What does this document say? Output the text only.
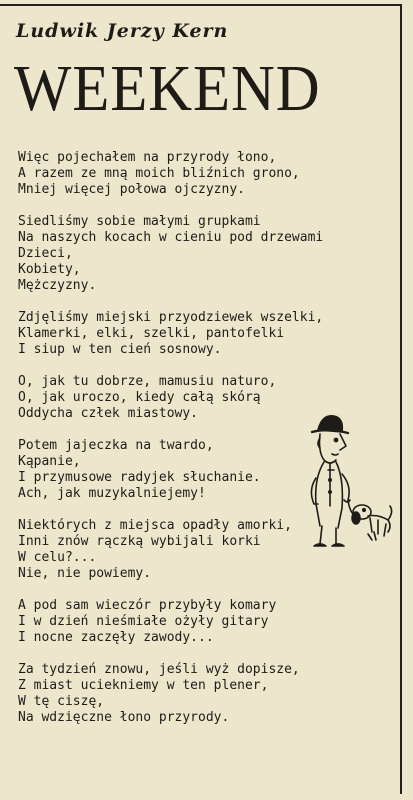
Ludwik Jerzy Kern
WEEKEND
Więc pojechałem na przyrody łono,
A razem ze mną moich bliźnich grono,
Mniej więcej połowa ojczyzny.
Siedliśmy sobie małymi grupkami
Na naszych kocach w cieniu pod drzewami
Dzieci,
Kobiety,
Mężczyzny.
Zdjęliśmy miejski przyodziewek wszelki,
Klamerki, elki, szelki, pantofelki
I siup w ten cień sosnowy.
O, jak tu dobrze, mamusiu naturo,
O, jak uroczo, kiedy całą skórą
Oddycha człek miastowy.
Potem jajeczka na twardo,
Kąpanie,
I przymusowe radyjek słuchanie.
Ach, jak muzykalniejemy!
Niektórych z miejsca opadły amorki,
Inni znów rączką wybijali korki
W celu?...
Nie, nie powiemy.
A pod sam wieczór przybyły komary
I w dzień nieśmiałe ożyły gitary
I nocne zaczęły zawody...
Za tydzień znowu, jeśli wyż dopisze,
Z miast uciekniemy w ten plener,
W tę ciszę,
Na wdzięczne łono przyrody.
